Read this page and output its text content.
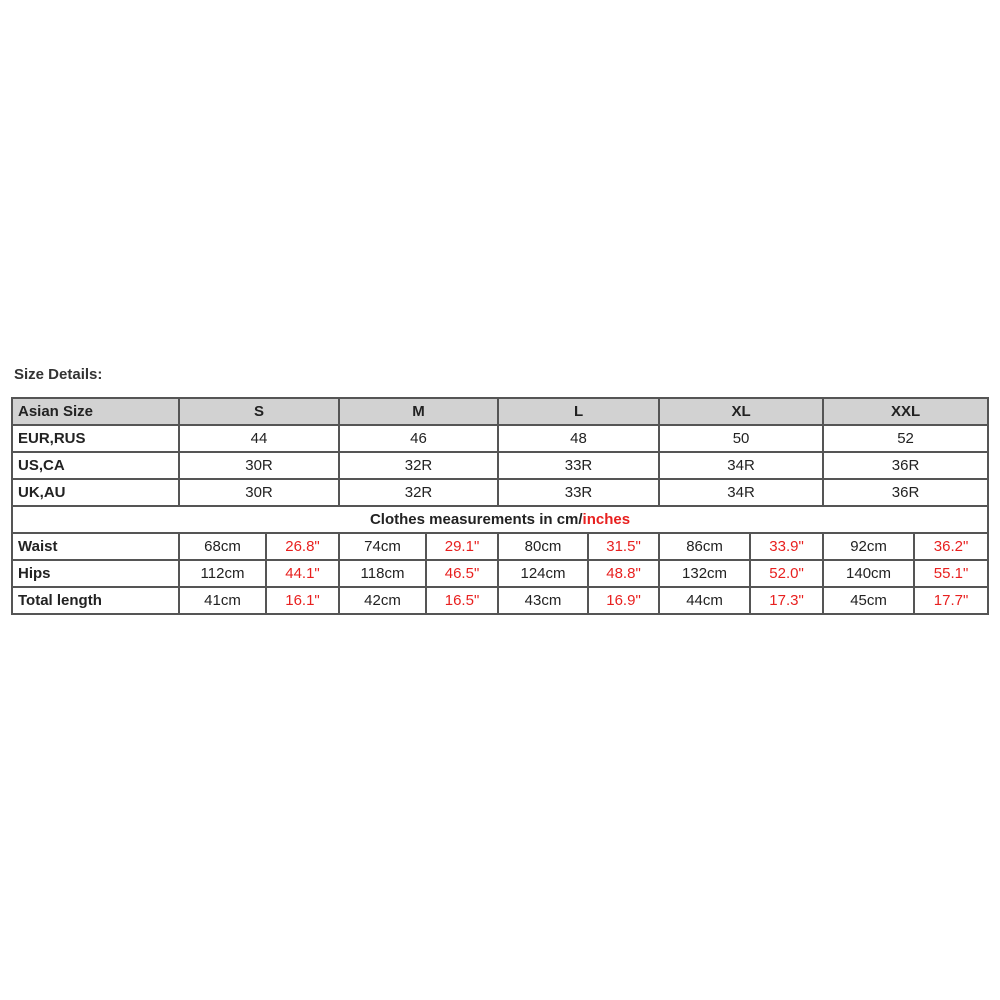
Size Details:
Asian Size	S		M		L		XL		XXL	
EUR,RUS	44		46		48		50		52	
US,CA	30R		32R		33R		34R		36R	
UK,AU	30R		32R		33R		34R		36R	
Clothes measurements in cm/inches										
Waist	68cm	26.8"	74cm	29.1"	80cm	31.5"	86cm	33.9"	92cm	36.2"
Hips	112cm	44.1"	118cm	46.5"	124cm	48.8"	132cm	52.0"	140cm	55.1"
Total length	41cm	16.1"	42cm	16.5"	43cm	16.9"	44cm	17.3"	45cm	17.7"
